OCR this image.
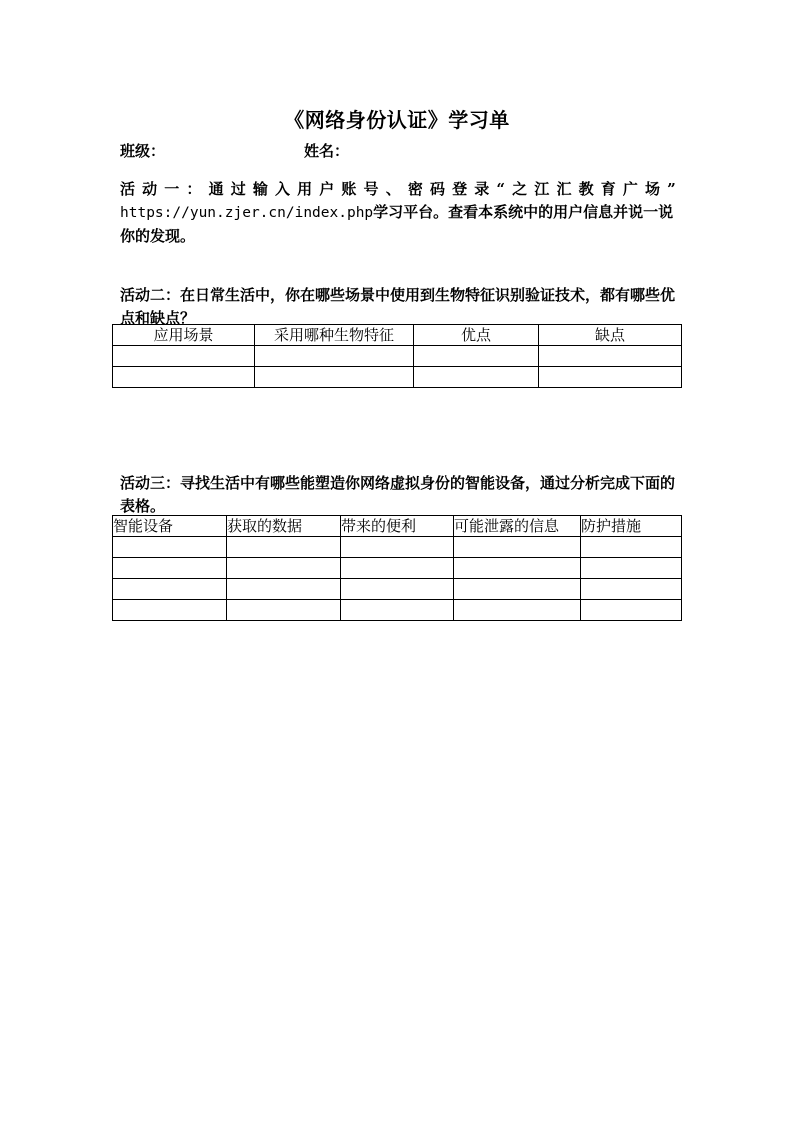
《网络身份认证》学习单
班级：	姓名：
活 动 一 ： 通 过 输 入 用 户 账 号 、 密 码 登 录 “ 之 江 汇 教 育 广 场 ”
https://yun.zjer.cn/index.php学习平台。查看本系统中的用户信息并说一说
你的发现。
活动二：在日常生活中，你在哪些场景中使用到生物特征识别验证技术，都有哪些优点和缺点？
应用场景	采用哪种生物特征	优点	缺点

活动三：寻找生活中有哪些能塑造你网络虚拟身份的智能设备，通过分析完成下面的表格。
智能设备	获取的数据	带来的便利	可能泄露的信息	防护措施
